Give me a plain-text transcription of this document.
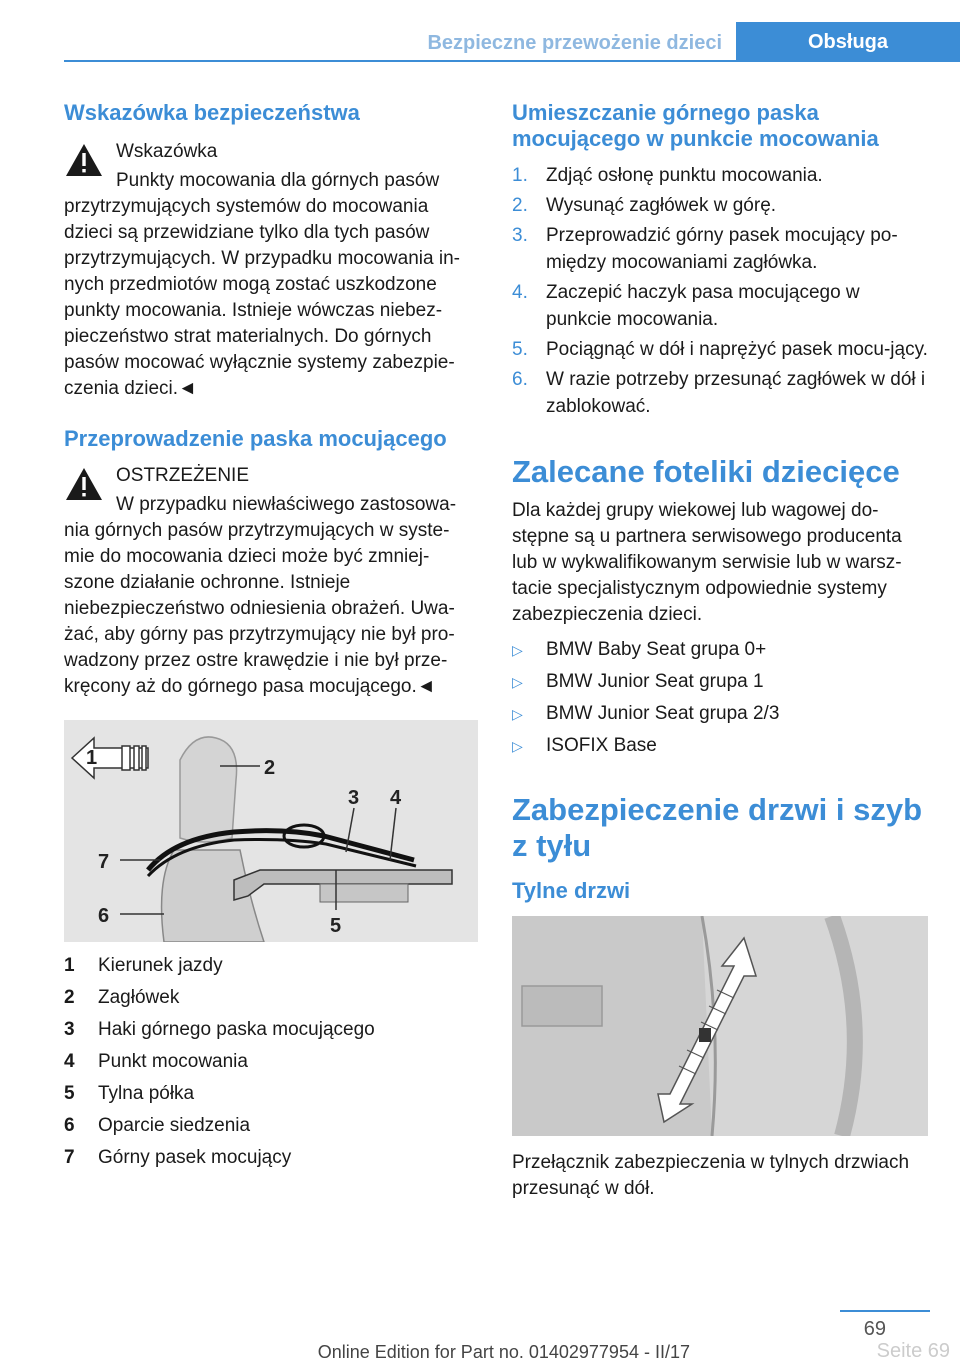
Bezpieczne przewożenie dzieci	Obsługa
Wskazówka bezpieczeństwa
Wskazówka
Punkty mocowania dla górnych pasów przytrzymujących systemów do mocowania dzieci są przewidziane tylko dla tych pasów przytrzymujących. W przypadku mocowania in-nych przedmiotów mogą zostać uszkodzone punkty mocowania. Istnieje wówczas niebez-pieczeństwo strat materialnych. Do górnych pasów mocować wyłącznie systemy zabezpie-czenia dzieci.◄
Przeprowadzenie paska mocującego
OSTRZEŻENIE
W przypadku niewłaściwego zastosowa-nia górnych pasów przytrzymujących w syste-mie do mocowania dzieci może być zmniej-szone działanie ochronne. Istnieje niebezpieczeństwo odniesienia obrażeń. Uwa-żać, aby górny pas przytrzymujący nie był pro-wadzony przez ostre krawędzie i nie był prze-kręcony aż do górnego pasa mocującego.◄
1	2
3 4
5
6
7
1	Kierunek jazdy
2	Zagłówek
3	Haki górnego paska mocującego
4	Punkt mocowania
5	Tylna półka
6	Oparcie siedzenia
7	Górny pasek mocujący
Umieszczanie górnego paska mocującego w punkcie mocowania
1. Zdjąć osłonę punktu mocowania.
2. Wysunąć zagłówek w górę.
3. Przeprowadzić górny pasek mocujący po-między mocowaniami zagłówka.
4. Zaczepić haczyk pasa mocującego w punkcie mocowania.
5. Pociągnąć w dół i naprężyć pasek mocu-jący.
6. W razie potrzeby przesunąć zagłówek w dół i zablokować.
Zalecane foteliki dziecięce
Dla każdej grupy wiekowej lub wagowej do-stępne są u partnera serwisowego producenta lub w wykwalifikowanym serwisie lub w warsz-tacie specjalistycznym odpowiednie systemy zabezpieczenia dzieci.
▷	BMW Baby Seat grupa 0+
▷	BMW Junior Seat grupa 1
▷	BMW Junior Seat grupa 2/3
▷	ISOFIX Base
Zabezpieczenie drzwi i szyb z tyłu
Tylne drzwi
Przełącznik zabezpieczenia w tylnych drzwiach przesunąć w dół.
69
Seite 69
Online Edition for Part no. 01402977954 - II/17
